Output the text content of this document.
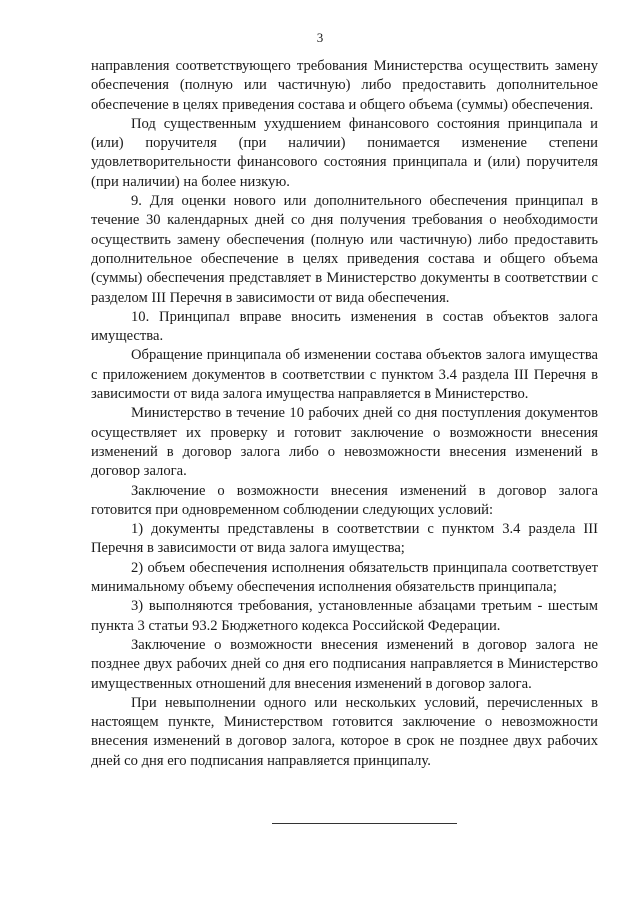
3

направления соответствующего требования Министерства осуществить замену обеспечения (полную или частичную) либо предоставить дополнительное обеспечение в целях приведения состава и общего объема (суммы) обеспечения.

Под существенным ухудшением финансового состояния принципала и (или) поручителя (при наличии) понимается изменение степени удовлетворительности финансового состояния принципала и (или) поручителя (при наличии) на более низкую.

9. Для оценки нового или дополнительного обеспечения принципал в течение 30 календарных дней со дня получения требования о необходимости осуществить замену обеспечения (полную или частичную) либо предоставить дополнительное обеспечение в целях приведения состава и общего объема (суммы) обеспечения представляет в Министерство документы в соответствии с разделом III Перечня в зависимости от вида обеспечения.

10. Принципал вправе вносить изменения в состав объектов залога имущества.

Обращение принципала об изменении состава объектов залога имущества с приложением документов в соответствии с пунктом 3.4 раздела III Перечня в зависимости от вида залога имущества направляется в Министерство.

Министерство в течение 10 рабочих дней со дня поступления документов осуществляет их проверку и готовит заключение о возможности внесения изменений в договор залога либо о невозможности внесения изменений в договор залога.

Заключение о возможности внесения изменений в договор залога готовится при одновременном соблюдении следующих условий:

1) документы представлены в соответствии с пунктом 3.4 раздела III Перечня в зависимости от вида залога имущества;

2) объем обеспечения исполнения обязательств принципала соответствует минимальному объему обеспечения исполнения обязательств принципала;

3) выполняются требования, установленные абзацами третьим - шестым пункта 3 статьи 93.2 Бюджетного кодекса Российской Федерации.

Заключение о возможности внесения изменений в договор залога не позднее двух рабочих дней со дня его подписания направляется в Министерство имущественных отношений для внесения изменений в договор залога.

При невыполнении одного или нескольких условий, перечисленных в настоящем пункте, Министерством готовится заключение о невозможности внесения изменений в договор залога, которое в срок не позднее двух рабочих дней со дня его подписания направляется принципалу.
